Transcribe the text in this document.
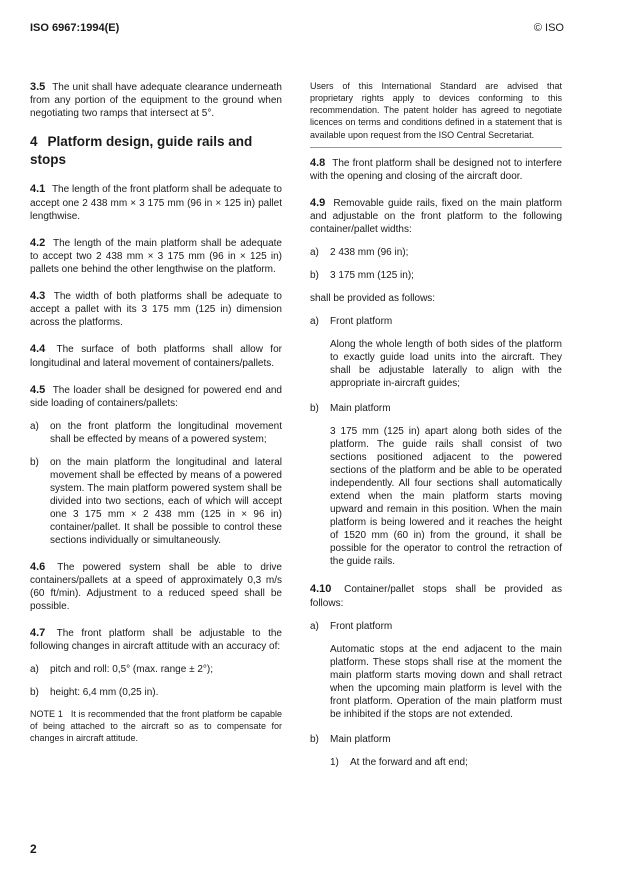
ISO 6967:1994(E)	© ISO

3.5 The unit shall have adequate clearance underneath from any portion of the equipment to the ground when negotiating two ramps that intersect at 5°.

4 Platform design, guide rails and stops

4.1 The length of the front platform shall be adequate to accept one 2 438 mm × 3 175 mm (96 in × 125 in) pallet lengthwise.

4.2 The length of the main platform shall be adequate to accept two 2 438 mm × 3 175 mm (96 in × 125 in) pallets one behind the other lengthwise on the platform.

4.3 The width of both platforms shall be adequate to accept a pallet with its 3 175 mm (125 in) dimension across the platforms.

4.4 The surface of both platforms shall allow for longitudinal and lateral movement of containers/pallets.

4.5 The loader shall be designed for powered end and side loading of containers/pallets:

a)	on the front platform the longitudinal movement shall be effected by means of a powered system;
b)	on the main platform the longitudinal and lateral movement shall be effected by means of a powered system. The main platform powered system shall be divided into two sections, each of which will accept one 3 175 mm × 2 438 mm (125 in × 96 in) container/pallet. It shall be possible to control these sections individually or simultaneously.

4.6 The powered system shall be able to drive containers/pallets at a speed of approximately 0,3 m/s (60 ft/min). Adjustment to a reduced speed shall be possible.

4.7 The front platform shall be adjustable to the following changes in aircraft attitude with an accuracy of:

a)	pitch and roll: 0,5° (max. range ± 2°);
b)	height: 6,4 mm (0,25 in).

NOTE 1 It is recommended that the front platform be capable of being attached to the aircraft so as to compensate for changes in aircraft attitude.

Users of this International Standard are advised that proprietary rights apply to devices conforming to this recommendation. The patent holder has agreed to negotiate licences on terms and conditions defined in a statement that is available upon request from the ISO Central Secretariat.

4.8 The front platform shall be designed not to interfere with the opening and closing of the aircraft door.

4.9 Removable guide rails, fixed on the main platform and adjustable on the front platform to the following container/pallet widths:

a)	2 438 mm (96 in);
b)	3 175 mm (125 in);

shall be provided as follows:

a)	Front platform

Along the whole length of both sides of the platform to exactly guide load units into the aircraft. They shall be adjustable laterally to align with the appropriate in-aircraft guides;

b)	Main platform

3 175 mm (125 in) apart along both sides of the platform. The guide rails shall consist of two sections positioned adjacent to the powered sections of the platform and be able to be operated independently. All four sections shall automatically extend when the main platform starts moving upward and remain in this position. When the main platform is being lowered and it reaches the height of 1520 mm (60 in) from the ground, it shall be possible for the operator to control the retraction of the guide rails.

4.10 Container/pallet stops shall be provided as follows:

a)	Front platform

Automatic stops at the end adjacent to the main platform. These stops shall rise at the moment the main platform starts moving down and shall retract when the upcoming main platform is level with the front platform. Operation of the main platform must be inhibited if the stops are not extended.

b)	Main platform
1)	At the forward and aft end;
2
